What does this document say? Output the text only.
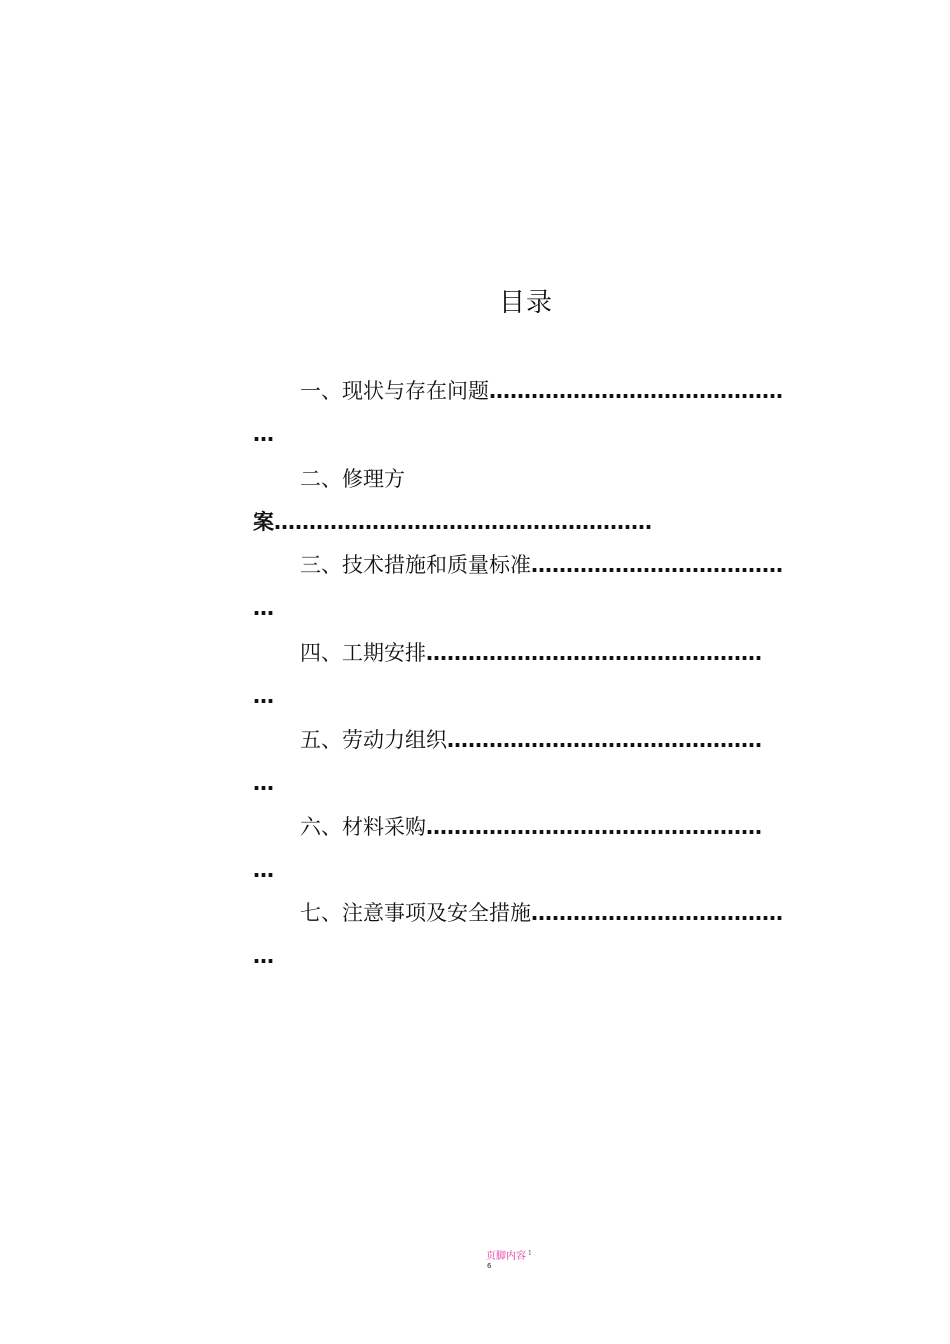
目录
一、现状与存在问题……………………………………
…
二、修理方
案………………………………………………
三、技术措施和质量标准………………………………
…
四、工期安排…………………………………………
…
五、劳动力组织………………………………………
…
六、材料采购…………………………………………
…
七、注意事项及安全措施………………………………
…
页脚内容 $^1$
6
